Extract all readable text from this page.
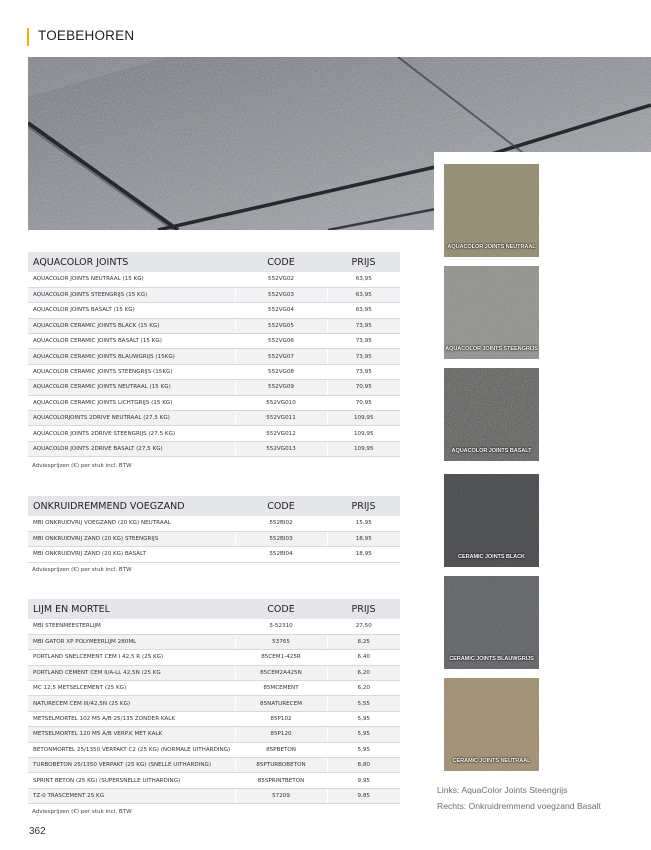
TOEBEHOREN
AQUACOLOR JOINTS NEUTRAAL
AQUACOLOR JOINTS STEENGRIJS
AQUACOLOR JOINTS BASALT
CERAMIC JOINTS BLACK
CERAMIC JOINTS BLAUWGRIJS
CERAMIC JOINTS NEUTRAAL
AQUACOLOR JOINTS	CODE	PRIJS
AQUACOLOR JOINTS NEUTRAAL (15 KG)	552VG02	63,95
AQUACOLOR JOINTS STEENGRIJS (15 KG)	552VG03	63,95
AQUACOLOR JOINTS BASALT (15 KG)	552VG04	63,95
AQUACOLOR CERAMIC JOINTS BLACK (15 KG)	552VG05	73,95
AQUACOLOR CERAMIC JOINTS BASALT (15 KG)	552VG06	73,95
AQUACOLOR CERAMIC JOINTS BLAUWGRIJS (15KG)	552VG07	73,95
AQUACOLOR CERAMIC JOINTS STEENGRIJS (15KG)	552VG08	73,95
AQUACOLOR CERAMIC JOINTS NEUTRAAL (15 KG)	552VG09	70,95
AQUACOLOR CERAMIC JOINTS LICHTGRIJS (15 KG)	552VG010	70,95
AQUACOLORJOINTS 2DRIVE NEUTRAAL (27,5 KG)	552VG011	109,95
AQUACOLOR JOINTS 2DRIVE STEENGRIJS (27,5 KG)	552VG012	109,95
AQUACOLOR JOINTS 2DRIVE BASALT (27,5 KG)	552VG013	109,95
Adviesprijzen (€) per stuk incl. BTW
ONKRUIDREMMEND VOEGZAND	CODE	PRIJS
MBI ONKRUIDVRIJ VOEGZAND (20 KG) NEUTRAAL	552BI02	15,95
MBI ONKRUIDVRIJ ZAND (20 KG) STEENGRIJS	552BI03	18,95
MBI ONKRUIDVRIJ ZAND (20 KG) BASALT	552BI04	18,95
Adviesprijzen (€) per stuk incl. BTW
LIJM EN MORTEL	CODE	PRIJS
MBI STEENMEESTERLIJM	5-52310	27,50
MBI GATOR XP POLYMEERLIJM 280ML	53765	8,25
PORTLAND SNELCEMENT CEM I 42,5 R (25 KG)	85CEM1-425R	6,40
PORTLAND CEMENT CEM II/A-LL 42,5N (25 KG	85CEM2A425N	6,20
MC 12,5 METSELCEMENT (25 KG)	85MCEMENT	6,20
NATURECEM CEM III/42,5N (25 KG)	85NATURECEM	5,55
METSELMORTEL 102 M5 A/B 25/135 ZONDER KALK	85P102	5,95
METSELMORTEL 120 M5 A/B VERP.K MET KALK	85P120	5,95
BETONMORTEL 25/1350 VERPAKT C2 (25 KG) (NORMALE UITHARDING)	85PBETON	5,95
TURBOBETON 25/1350 VERPAKT (25 KG) (SNELLE UITHARDING)	85PTURBOBETON	8,80
SPRINT BETON (25 KG) (SUPERSNELLE UITHARDING)	85SPRINTBETON	9,95
TZ-0 TRASCEMENT 25 KG	57209	9,85
Adviesprijzen (€) per stuk incl. BTW
Links: AquaColor Joints Steengrijs
Rechts: Onkruidremmend voegzand Basalt
362
